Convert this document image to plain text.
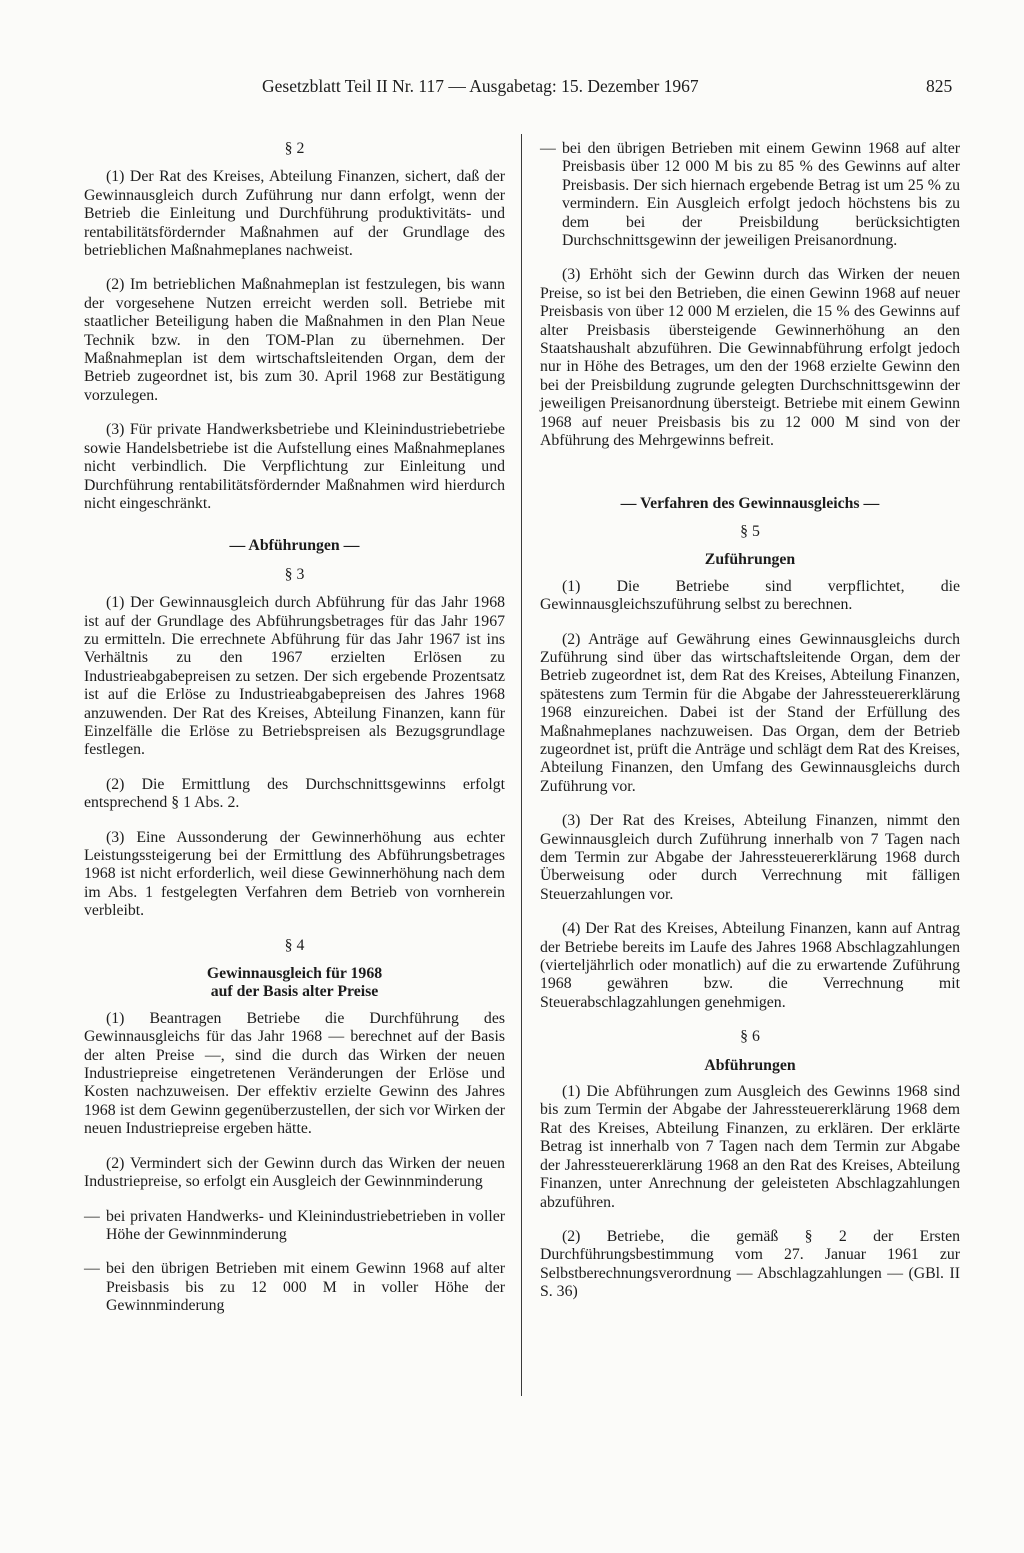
Gesetzblatt Teil II Nr. 117 — Ausgabetag: 15. Dezember 1967	825

§ 2

(1) Der Rat des Kreises, Abteilung Finanzen, sichert, daß der Gewinnausgleich durch Zuführung nur dann erfolgt, wenn der Betrieb die Einleitung und Durchführung produktivitäts- und rentabilitätsfördernder Maßnahmen auf der Grundlage des betrieblichen Maßnahmeplanes nachweist.

(2) Im betrieblichen Maßnahmeplan ist festzulegen, bis wann der vorgesehene Nutzen erreicht werden soll. Betriebe mit staatlicher Beteiligung haben die Maßnahmen in den Plan Neue Technik bzw. in den TOM-Plan zu übernehmen. Der Maßnahmeplan ist dem wirtschaftsleitenden Organ, dem der Betrieb zugeordnet ist, bis zum 30. April 1968 zur Bestätigung vorzulegen.

(3) Für private Handwerksbetriebe und Kleinindustriebetriebe sowie Handelsbetriebe ist die Aufstellung eines Maßnahmeplanes nicht verbindlich. Die Verpflichtung zur Einleitung und Durchführung rentabilitätsfördernder Maßnahmen wird hierdurch nicht eingeschränkt.

— Abführungen —

§ 3

(1) Der Gewinnausgleich durch Abführung für das Jahr 1968 ist auf der Grundlage des Abführungsbetrages für das Jahr 1967 zu ermitteln. Die errechnete Abführung für das Jahr 1967 ist ins Verhältnis zu den 1967 erzielten Erlösen zu Industrieabgabepreisen zu setzen. Der sich ergebende Prozentsatz ist auf die Erlöse zu Industrieabgabepreisen des Jahres 1968 anzuwenden. Der Rat des Kreises, Abteilung Finanzen, kann für Einzelfälle die Erlöse zu Betriebspreisen als Bezugsgrundlage festlegen.

(2) Die Ermittlung des Durchschnittsgewinns erfolgt entsprechend § 1 Abs. 2.

(3) Eine Aussonderung der Gewinnerhöhung aus echter Leistungssteigerung bei der Ermittlung des Abführungsbetrages 1968 ist nicht erforderlich, weil diese Gewinnerhöhung nach dem im Abs. 1 festgelegten Verfahren dem Betrieb von vornherein verbleibt.

§ 4

Gewinnausgleich für 1968

auf der Basis alter Preise

(1) Beantragen Betriebe die Durchführung des Gewinnausgleichs für das Jahr 1968 — berechnet auf der Basis der alten Preise —, sind die durch das Wirken der neuen Industriepreise eingetretenen Veränderungen der Erlöse und Kosten nachzuweisen. Der effektiv erzielte Gewinn des Jahres 1968 ist dem Gewinn gegenüberzustellen, der sich vor Wirken der neuen Industriepreise ergeben hätte.

(2) Vermindert sich der Gewinn durch das Wirken der neuen Industriepreise, so erfolgt ein Ausgleich der Gewinnminderung

— bei privaten Handwerks- und Kleinindustriebetrieben in voller Höhe der Gewinnminderung
— bei den übrigen Betrieben mit einem Gewinn 1968 auf alter Preisbasis bis zu 12 000 M in voller Höhe der Gewinnminderung
— bei den übrigen Betrieben mit einem Gewinn 1968 auf alter Preisbasis über 12 000 M bis zu 85 % des Gewinns auf alter Preisbasis. Der sich hiernach ergebende Betrag ist um 25 % zu vermindern. Ein Ausgleich erfolgt jedoch höchstens bis zu dem bei der Preisbildung berücksichtigten Durchschnittsgewinn der jeweiligen Preisanordnung.

(3) Erhöht sich der Gewinn durch das Wirken der neuen Preise, so ist bei den Betrieben, die einen Gewinn 1968 auf neuer Preisbasis von über 12 000 M erzielen, die 15 % des Gewinns auf alter Preisbasis übersteigende Gewinnerhöhung an den Staatshaushalt abzuführen. Die Gewinnabführung erfolgt jedoch nur in Höhe des Betrages, um den der 1968 erzielte Gewinn den bei der Preisbildung zugrunde gelegten Durchschnittsgewinn der jeweiligen Preisanordnung übersteigt. Betriebe mit einem Gewinn 1968 auf neuer Preisbasis bis zu 12 000 M sind von der Abführung des Mehrgewinns befreit.

— Verfahren des Gewinnausgleichs —

§ 5

Zuführungen

(1) Die Betriebe sind verpflichtet, die Gewinnausgleichszuführung selbst zu berechnen.

(2) Anträge auf Gewährung eines Gewinnausgleichs durch Zuführung sind über das wirtschaftsleitende Organ, dem der Betrieb zugeordnet ist, dem Rat des Kreises, Abteilung Finanzen, spätestens zum Termin für die Abgabe der Jahressteuererklärung 1968 einzureichen. Dabei ist der Stand der Erfüllung des Maßnahmeplanes nachzuweisen. Das Organ, dem der Betrieb zugeordnet ist, prüft die Anträge und schlägt dem Rat des Kreises, Abteilung Finanzen, den Umfang des Gewinnausgleichs durch Zuführung vor.

(3) Der Rat des Kreises, Abteilung Finanzen, nimmt den Gewinnausgleich durch Zuführung innerhalb von 7 Tagen nach dem Termin zur Abgabe der Jahressteuererklärung 1968 durch Überweisung oder durch Verrechnung mit fälligen Steuerzahlungen vor.

(4) Der Rat des Kreises, Abteilung Finanzen, kann auf Antrag der Betriebe bereits im Laufe des Jahres 1968 Abschlagzahlungen (vierteljährlich oder monatlich) auf die zu erwartende Zuführung 1968 gewähren bzw. die Verrechnung mit Steuerabschlagzahlungen genehmigen.

§ 6

Abführungen

(1) Die Abführungen zum Ausgleich des Gewinns 1968 sind bis zum Termin der Abgabe der Jahressteuererklärung 1968 dem Rat des Kreises, Abteilung Finanzen, zu erklären. Der erklärte Betrag ist innerhalb von 7 Tagen nach dem Termin zur Abgabe der Jahressteuererklärung 1968 an den Rat des Kreises, Abteilung Finanzen, unter Anrechnung der geleisteten Abschlagzahlungen abzuführen.

(2) Betriebe, die gemäß § 2 der Ersten Durchführungsbestimmung vom 27. Januar 1961 zur Selbstberechnungsverordnung — Abschlagzahlungen — (GBl. II S. 36)
